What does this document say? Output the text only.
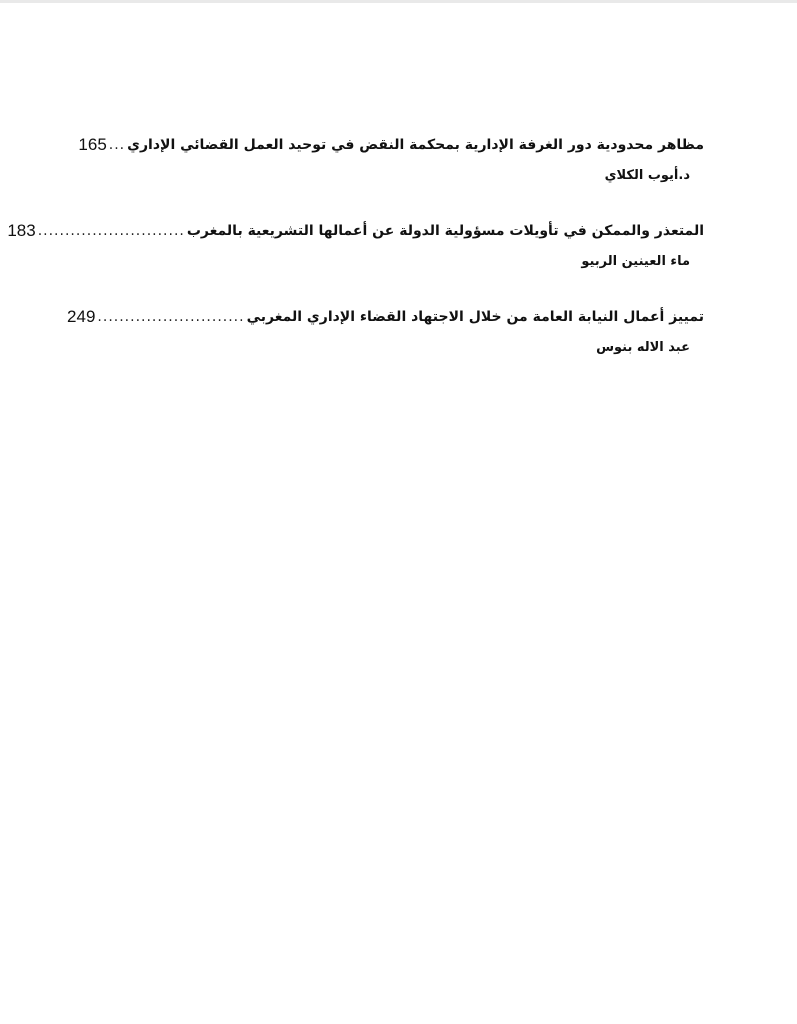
مظاهر محدودية دور الغرفة الإدارية بمحكمة النقض في توحيد العمل القضائي الإداري
...
165
د.أيوب الكلاي
المتعذر والممكن في تأويلات مسؤولية الدولة عن أعمالها التشريعية بالمغرب
...........................
183
ماء العينين الربيو
تمييز أعمال النيابة العامة من خلال الاجتهاد القضاء الإداري المغربي
...........................
249
عبد الاله بنوس
